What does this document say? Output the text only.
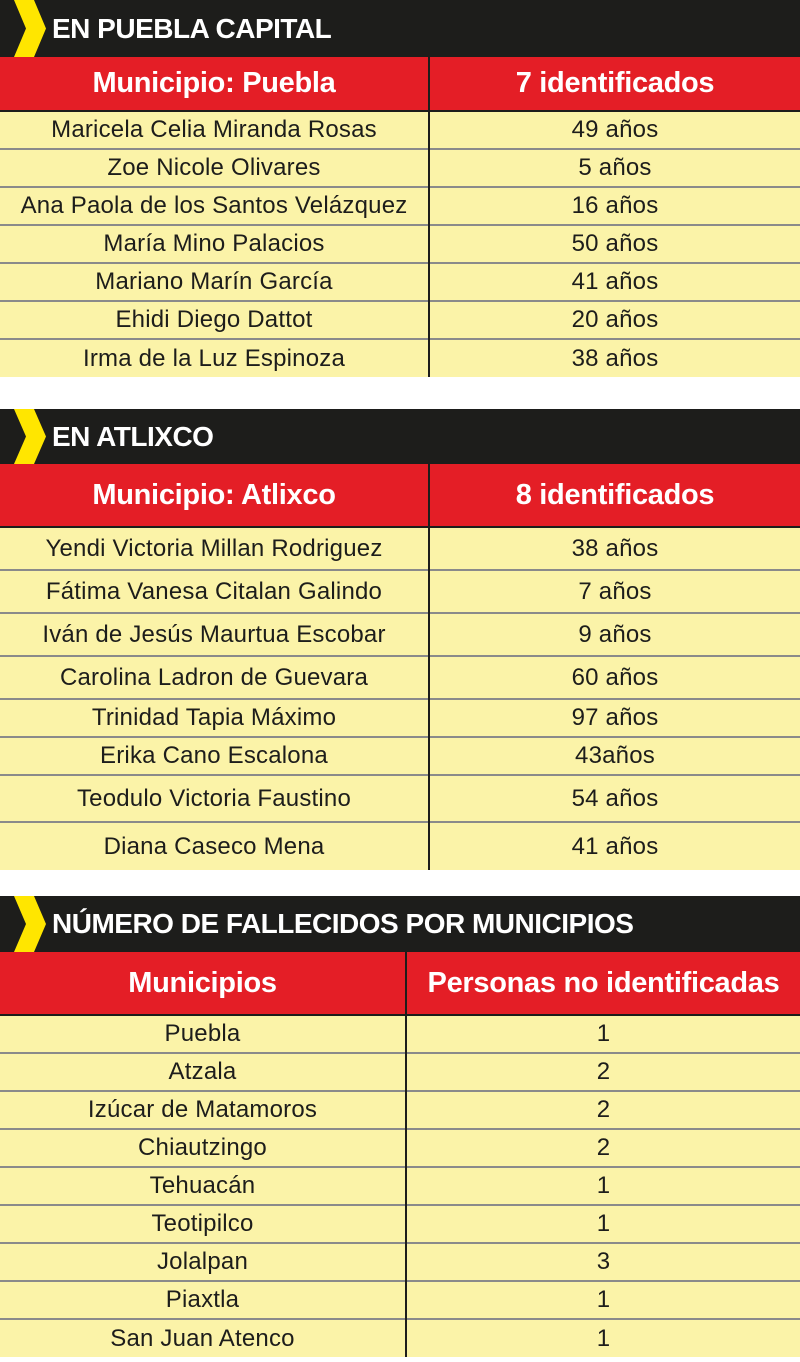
EN PUEBLA CAPITAL
Municipio: Puebla	7 identificados
Maricela Celia Miranda Rosas	49 años
Zoe Nicole Olivares	5 años
Ana Paola de los Santos Velázquez	16 años
María Mino Palacios	50 años
Mariano Marín García	41 años
Ehidi Diego Dattot	20 años
Irma de la Luz Espinoza	38 años
EN ATLIXCO
Municipio: Atlixco	8 identificados
Yendi Victoria Millan Rodriguez	38 años
Fátima Vanesa Citalan Galindo	7 años
Iván de Jesús Maurtua Escobar	9 años
Carolina Ladron de Guevara	60 años
Trinidad Tapia Máximo	97 años
Erika Cano Escalona	43años
Teodulo Victoria Faustino	54 años
Diana Caseco Mena	41 años
NÚMERO DE FALLECIDOS POR MUNICIPIOS
Municipios	Personas no identificadas
Puebla	1
Atzala	2
Izúcar de Matamoros	2
Chiautzingo	2
Tehuacán	1
Teotipilco	1
Jolalpan	3
Piaxtla	1
San Juan Atenco	1
